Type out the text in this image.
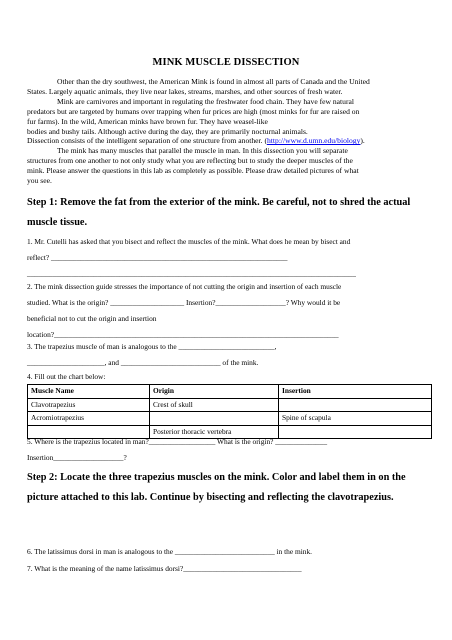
MINK MUSCLE DISSECTION

Other than the dry southwest, the American Mink is found in almost all parts of Canada and the United

States. Largely aquatic animals, they live near lakes, streams, marshes, and other sources of fresh water.

Mink are carnivores and important in regulating the freshwater food chain. They have few natural

predators but are targeted by humans over trapping when fur prices are high (most minks for fur are raised on

fur farms). In the wild, American minks have brown fur. They have weasel-like

bodies and bushy tails. Although active during the day, they are primarily nocturnal animals.

Dissection consists of the intelligent separation of one structure from another. (http://www.d.umn.edu/biology).

The mink has many muscles that parallel the muscle in man. In this dissection you will separate

structures from one another to not only study what you are reflecting but to study the deeper muscles of the

mink. Please answer the questions in this lab as completely as possible. Please draw detailed pictures of what

you see.

Step 1: Remove the fat from the exterior of the mink. Be careful, not to shred the actual
muscle tissue.
1. Mr. Cutelli has asked that you bisect and reflect the muscles of the mink. What does he mean by bisect and
reflect? ________________________________________________________________
_________________________________________________________________________________________
2. The mink dissection guide stresses the importance of not cutting the origin and insertion of each muscle
studied. What is the origin? ____________________ Insertion?___________________? Why would it be
beneficial not to cut the origin and insertion
location?_____________________________________________________________________________
3. The trapezius muscle of man is analogous to the __________________________,
_____________________, and ___________________________ of the mink.
4. Fill out the chart below:
Muscle Name	Origin	Insertion
Clavotrapezius	Crest of skull	
Acromiotrapezius		Spine of scapula
	Posterior thoracic vertebra	
5. Where is the trapezius located in man?__________________ What is the origin? ______________
Insertion___________________?
Step 2: Locate the three trapezius muscles on the mink. Color and label them in on the
picture attached to this lab. Continue by bisecting and reflecting the clavotrapezius.
6. The latissimus dorsi in man is analogous to the ___________________________ in the mink.
7. What is the meaning of the name latissimus dorsi?________________________________
